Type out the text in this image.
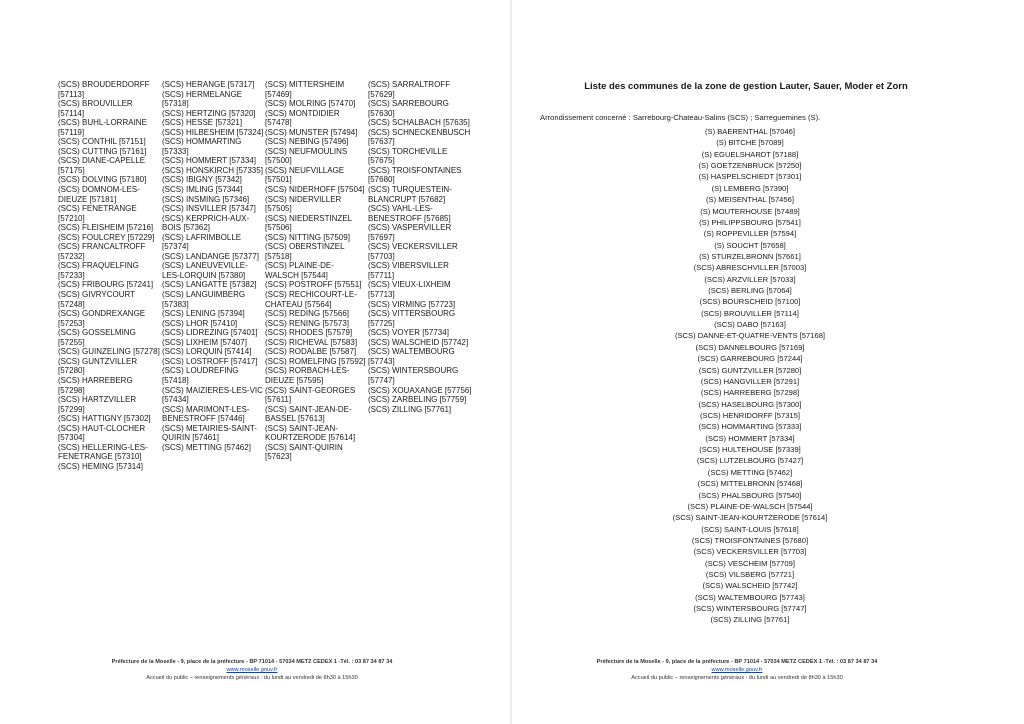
(SCS) BROUDERDORFF [57113]
(SCS) BROUVILLER [57114]
(SCS) BUHL-LORRAINE [57119]
(SCS) CONTHIL [57151]
(SCS) CUTTING [57161]
(SCS) DIANE-CAPELLE [57175]
(SCS) DOLVING [57180]
(SCS) DOMNOM-LES-DIEUZE [57181]
(SCS) FENETRANGE [57210]
(SCS) FLEISHEIM [57216]
(SCS) FOULCREY [57229]
(SCS) FRANCALTROFF [57232]
(SCS) FRAQUELFING [57233]
(SCS) FRIBOURG [57241]
(SCS) GIVRYCOURT [57248]
(SCS) GONDREXANGE [57253]
(SCS) GOSSELMING [57255]
(SCS) GUINZELING [57278]
(SCS) GUNTZVILLER [57280]
(SCS) HARREBERG [57298]
(SCS) HARTZVILLER [57299]
(SCS) HATTIGNY [57302]
(SCS) HAUT-CLOCHER [57304]
(SCS) HELLERING-LES-FENETRANGE [57310]
(SCS) HEMING [57314]
(SCS) HERANGE [57317]
(SCS) HERMELANGE [57318]
(SCS) HERTZING [57320]
(SCS) HESSE [57321]
(SCS) HILBESHEIM [57324]
(SCS) HOMMARTING [57333]
(SCS) HOMMERT [57334]
(SCS) HONSKIRCH [57335]
(SCS) IBIGNY [57342]
(SCS) IMLING [57344]
(SCS) INSMING [57346]
(SCS) INSVILLER [57347]
(SCS) KERPRICH-AUX-BOIS [57362]
(SCS) LAFRIMBOLLE [57374]
(SCS) LANDANGE [57377]
(SCS) LANEUVEVILLE-LES-LORQUIN [57380]
(SCS) LANGATTE [57382]
(SCS) LANGUIMBERG [57383]
(SCS) LENING [57394]
(SCS) LHOR [57410]
(SCS) LIDREZING [57401]
(SCS) LIXHEIM [57407]
(SCS) LORQUIN [57414]
(SCS) LOSTROFF [57417]
(SCS) LOUDREFING [57418]
(SCS) MAIZIERES-LES-VIC [57434]
(SCS) MARIMONT-LES-BENESTROFF [57446]
(SCS) METAIRIES-SAINT-QUIRIN [57461]
(SCS) METTING [57462]
(SCS) MITTERSHEIM [57469]
(SCS) MOLRING [57470]
(SCS) MONTDIDIER [57478]
(SCS) MUNSTER [57494]
(SCS) NEBING [57496]
(SCS) NEUFMOULINS [57500]
(SCS) NEUFVILLAGE [57501]
(SCS) NIDERHOFF [57504]
(SCS) NIDERVILLER [57505]
(SCS) NIEDERSTINZEL [57506]
(SCS) NITTING [57509]
(SCS) OBERSTINZEL [57518]
(SCS) PLAINE-DE-WALSCH [57544]
(SCS) POSTROFF [57551]
(SCS) RECHICOURT-LE-CHATEAU [57564]
(SCS) REDING [57566]
(SCS) RENING [57573]
(SCS) RHODES [57579]
(SCS) RICHEVAL [57583]
(SCS) RODALBE [57587]
(SCS) ROMELFING [57592]
(SCS) RORBACH-LES-DIEUZE [57595]
(SCS) SAINT-GEORGES [57611]
(SCS) SAINT-JEAN-DE-BASSEL [57613]
(SCS) SAINT-JEAN-KOURTZERODE [57614]
(SCS) SAINT-QUIRIN [57623]
(SCS) SARRALTROFF [57629]
(SCS) SARREBOURG [57630]
(SCS) SCHALBACH [57635]
(SCS) SCHNECKENBUSCH [57637]
(SCS) TORCHEVILLE [57675]
(SCS) TROISFONTAINES [57680]
(SCS) TURQUESTEIN-BLANCRUPT [57682]
(SCS) VAHL-LES-BENESTROFF [57685]
(SCS) VASPERVILLER [57697]
(SCS) VECKERSVILLER [57703]
(SCS) VIBERSVILLER [57711]
(SCS) VIEUX-LIXHEIM [57713]
(SCS) VIRMING [57723]
(SCS) VITTERSBOURG [57725]
(SCS) VOYER [57734]
(SCS) WALSCHEID [57742]
(SCS) WALTEMBOURG [57743]
(SCS) WINTERSBOURG [57747]
(SCS) XOUAXANGE [57756]
(SCS) ZARBELING [57759]
(SCS) ZILLING [57761]
Liste des communes de la zone de gestion Lauter, Sauer, Moder et Zorn
Arrondissement concerné : Sarrebourg-Chateau-Salins (SCS) ; Sarreguemines (S).
(S) BAERENTHAL [57046]
(S) BITCHE [57089]
(S) EGUELSHARDT [57188]
(S) GOETZENBRUCK [57250]
(S) HASPELSCHIEDT [57301]
(S) LEMBERG [57390]
(S) MEISENTHAL [57456]
(S) MOUTERHOUSE [57489]
(S) PHILIPPSBOURG [57541]
(S) ROPPEVILLER [57594]
(S) SOUCHT [57658]
(S) STURZELBRONN [57661]
(SCS) ABRESCHVILLER [57003]
(SCS) ARZVILLER [57033]
(SCS) BERLING [57064]
(SCS) BOURSCHEID [57100]
(SCS) BROUVILLER [57114]
(SCS) DABO [57163]
(SCS) DANNE-ET-QUATRE-VENTS [57168]
(SCS) DANNELBOURG [57169]
(SCS) GARREBOURG [57244]
(SCS) GUNTZVILLER [57280]
(SCS) HANGVILLER [57291]
(SCS) HARREBERG [57298]
(SCS) HASELBOURG [57300]
(SCS) HENRIDORFF [57315]
(SCS) HOMMARTING [57333]
(SCS) HOMMERT [57334]
(SCS) HULTEHOUSE [57339]
(SCS) LUTZELBOURG [57427]
(SCS) METTING [57462]
(SCS) MITTELBRONN [57468]
(SCS) PHALSBOURG [57540]
(SCS) PLAINE-DE-WALSCH [57544]
(SCS) SAINT-JEAN-KOURTZERODE [57614]
(SCS) SAINT-LOUIS [57618]
(SCS) TROISFONTAINES [57680]
(SCS) VECKERSVILLER [57703]
(SCS) VESCHEIM [57709]
(SCS) VILSBERG [57721]
(SCS) WALSCHEID [57742]
(SCS) WALTEMBOURG [57743]
(SCS) WINTERSBOURG [57747]
(SCS) ZILLING [57761]
Préfecture de la Moselle - 9, place de la préfecture - BP 71014 - 57034 METZ CEDEX 1 -Tél. : 03 87 34 87 34
www.moselle.gouv.fr
Accueil du public – renseignements généraux : du lundi au vendredi de 8h30 à 15h30
Préfecture de la Moselle - 9, place de la préfecture - BP 71014 - 57034 METZ CEDEX 1 -Tél. : 03 87 34 87 34
www.moselle.gouv.fr
Accueil du public – renseignements généraux : du lundi au vendredi de 8h30 à 15h30
